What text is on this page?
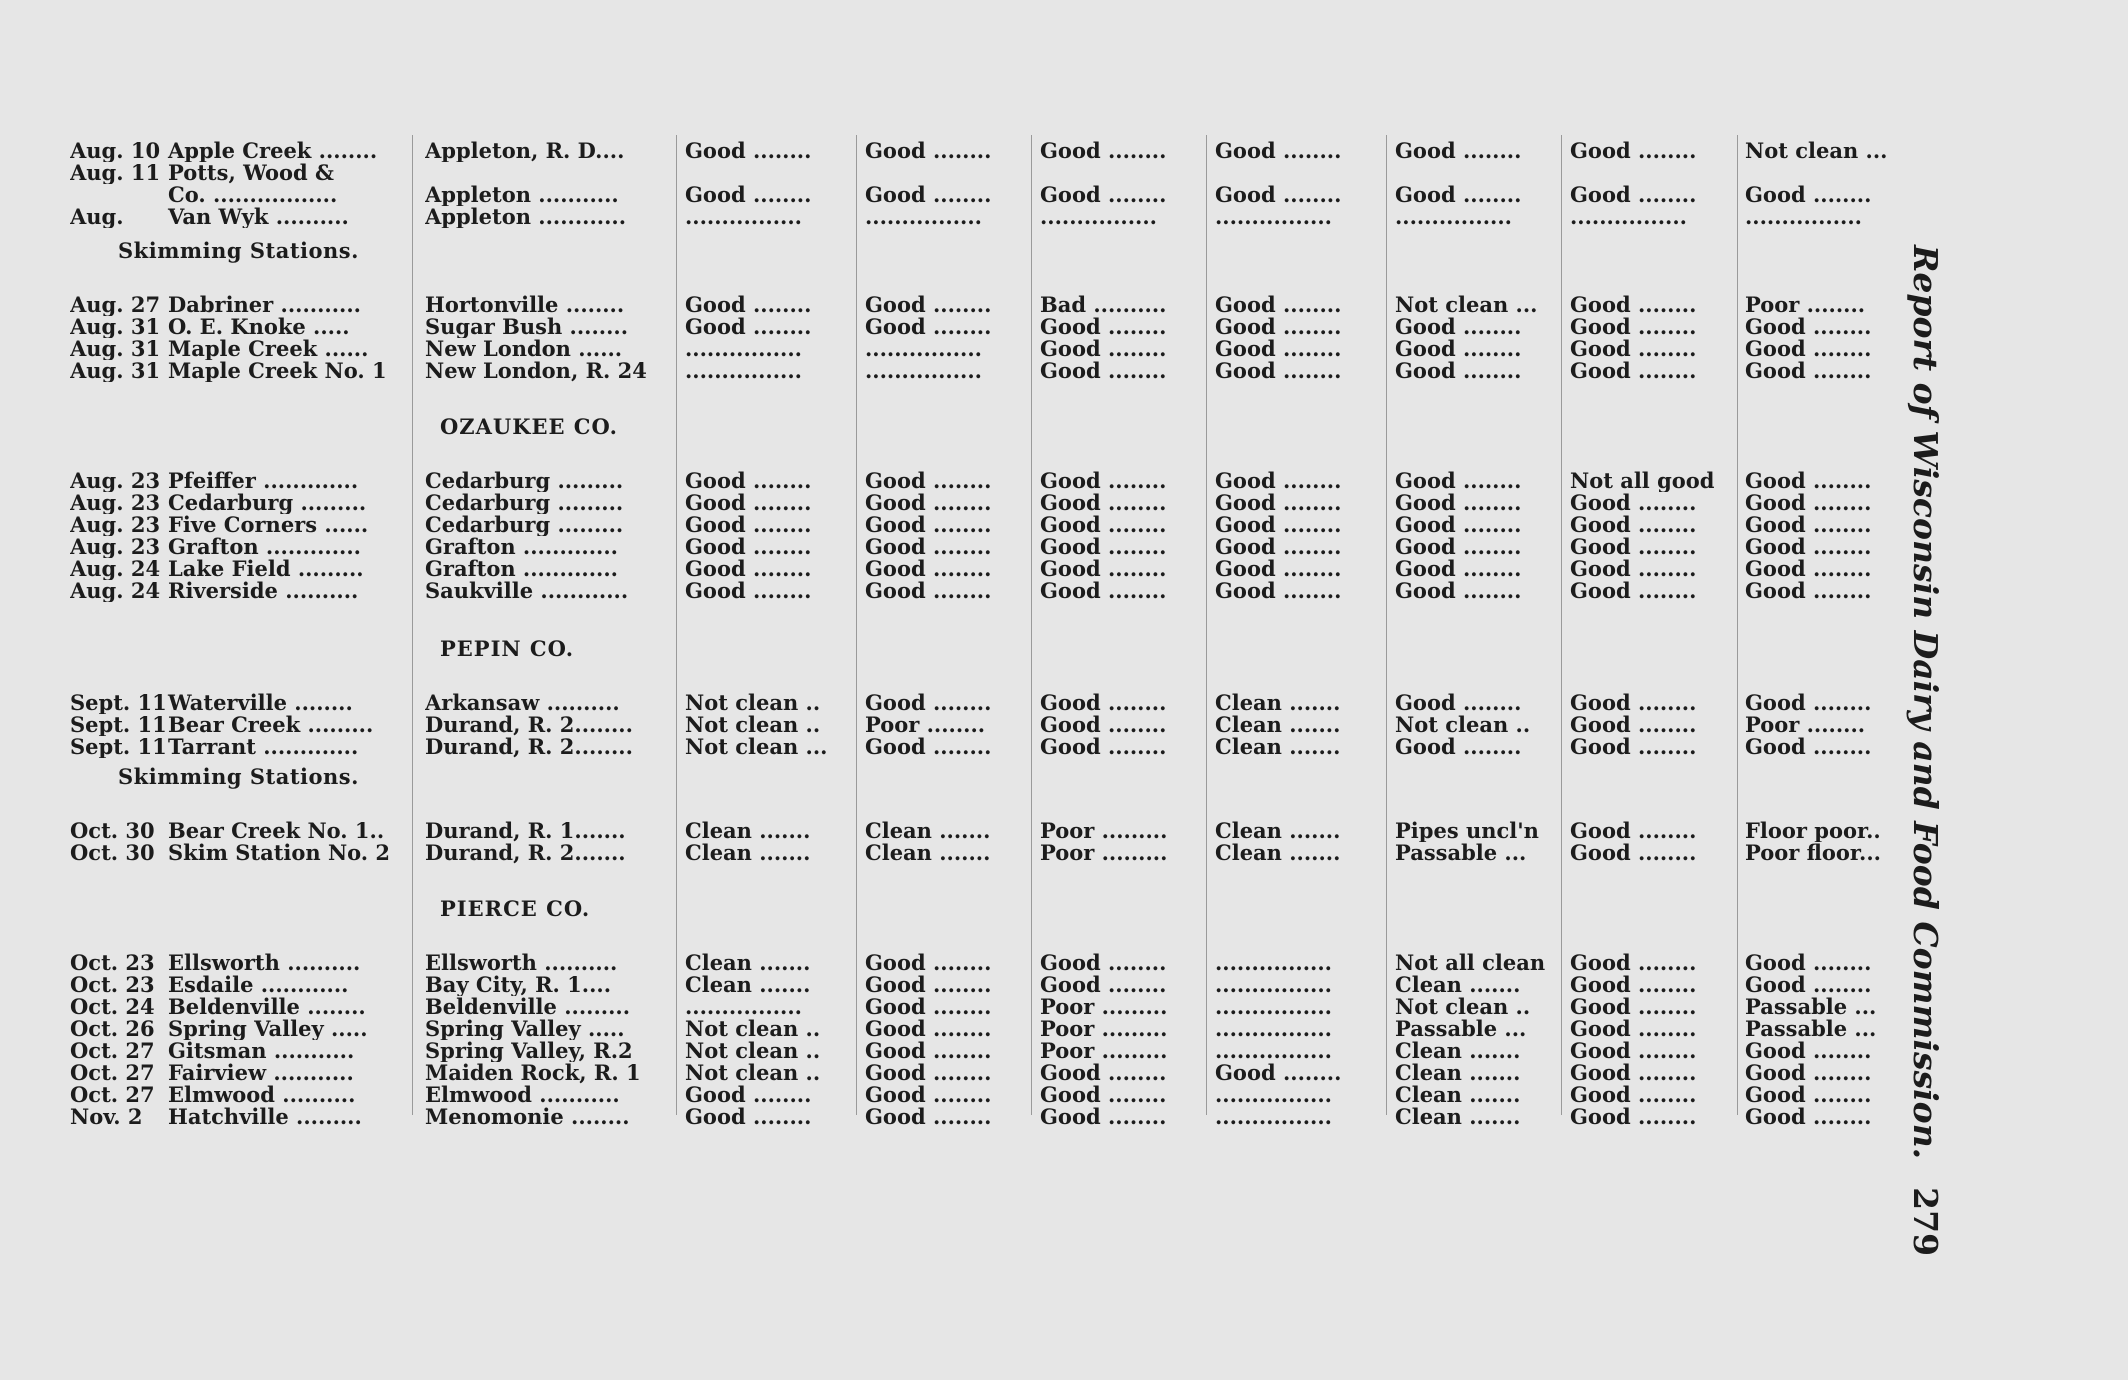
Aug. 10 Apple Creek ........	Appleton, R. D....	Good ........	Good ........	Good ........	Good ........	Good ........	Good ........	Not clean ...
Aug. 11 Potts, Wood &
Co. .................	Appleton ...........	Good ........	Good ........	Good ........	Good ........	Good ........	Good ........	Good ........
Aug. Van Wyk ..........	Appleton ............	................	................	................	................	................	................	................
Skimming Stations.
Aug. 27 Dabriner ...........	Hortonville ........	Good ........	Good ........	Bad ..........	Good ........	Not clean ...	Good ........	Poor ........
Aug. 31 O. E. Knoke .....	Sugar Bush ........	Good ........	Good ........	Good ........	Good ........	Good ........	Good ........	Good ........
Aug. 31 Maple Creek ......	New London ......	................	................	Good ........	Good ........	Good ........	Good ........	Good ........
Aug. 31 Maple Creek No. 1	New London, R. 24	................	................	Good ........	Good ........	Good ........	Good ........	Good ........
OZAUKEE CO.
Aug. 23 Pfeiffer .............	Cedarburg .........	Good ........	Good ........	Good ........	Good ........	Good ........	Not all good	Good ........
Aug. 23 Cedarburg .........	Cedarburg .........	Good ........	Good ........	Good ........	Good ........	Good ........	Good ........	Good ........
Aug. 23 Five Corners ......	Cedarburg .........	Good ........	Good ........	Good ........	Good ........	Good ........	Good ........	Good ........
Aug. 23 Grafton .............	Grafton .............	Good ........	Good ........	Good ........	Good ........	Good ........	Good ........	Good ........
Aug. 24 Lake Field .........	Grafton .............	Good ........	Good ........	Good ........	Good ........	Good ........	Good ........	Good ........
Aug. 24 Riverside ..........	Saukville ............	Good ........	Good ........	Good ........	Good ........	Good ........	Good ........	Good ........
PEPIN CO.
Sept. 11Waterville ........	Arkansaw ..........	Not clean ..	Good ........	Good ........	Clean .......	Good ........	Good ........	Good ........
Sept. 11Bear Creek .........	Durand, R. 2........	Not clean ..	Poor ........	Good ........	Clean .......	Not clean ..	Good ........	Poor ........
Sept. 11Tarrant .............	Durand, R. 2........	Not clean ...	Good ........	Good ........	Clean .......	Good ........	Good ........	Good ........
Skimming Stations.
Oct. 30 Bear Creek No. 1..	Durand, R. 1.......	Clean .......	Clean .......	Poor .........	Clean .......	Pipes uncl'n	Good ........	Floor poor..
Oct. 30 Skim Station No. 2	Durand, R. 2.......	Clean .......	Clean .......	Poor .........	Clean .......	Passable ...	Good ........	Poor floor...
PIERCE CO.
Oct. 23 Ellsworth ..........	Ellsworth ..........	Clean .......	Good ........	Good ........	................	Not all clean	Good ........	Good ........
Oct. 23 Esdaile ............	Bay City, R. 1....	Clean .......	Good ........	Good ........	................	Clean .......	Good ........	Good ........
Oct. 24 Beldenville ........	Beldenville .........	................	Good ........	Poor .........	................	Not clean ..	Good ........	Passable ...
Oct. 26 Spring Valley .....	Spring Valley .....	Not clean ..	Good ........	Poor .........	................	Passable ...	Good ........	Passable ...
Oct. 27 Gitsman ...........	Spring Valley, R.2	Not clean ..	Good ........	Poor .........	................	Clean .......	Good ........	Good ........
Oct. 27 Fairview ...........	Maiden Rock, R. 1	Not clean ..	Good ........	Good ........	Good ........	Clean .......	Good ........	Good ........
Oct. 27 Elmwood ..........	Elmwood ...........	Good ........	Good ........	Good ........	................	Clean .......	Good ........	Good ........
Nov. 2 Hatchville .........	Menomonie ........	Good ........	Good ........	Good ........	................	Clean .......	Good ........	Good ........	Report of Wisconsin Dairy and Food Commission.279
